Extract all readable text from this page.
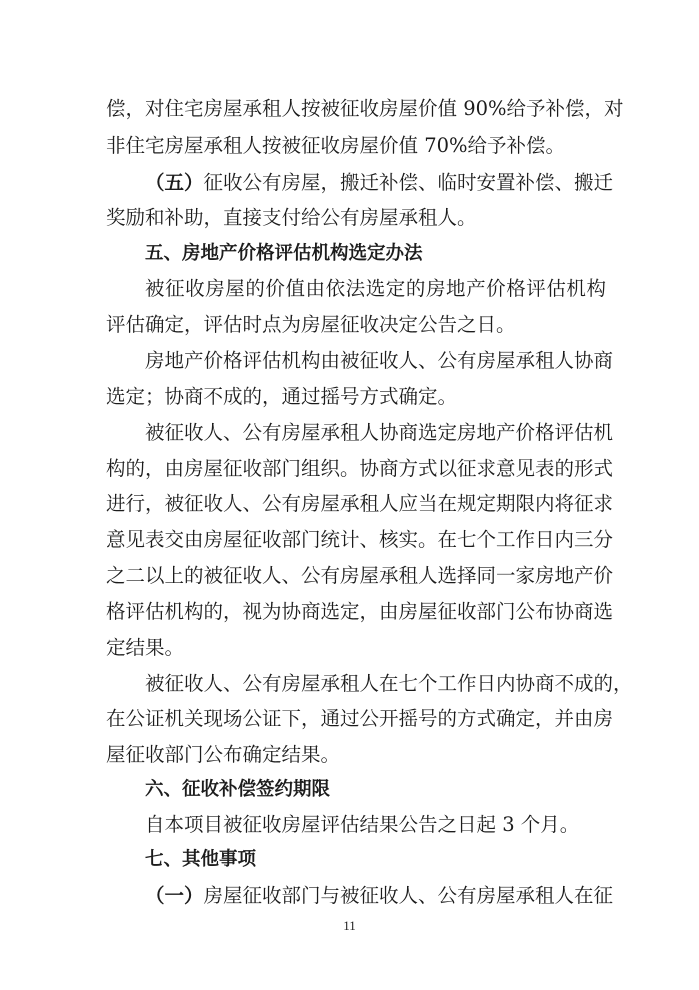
偿，对住宅房屋承租人按被征收房屋价值 90%给予补偿，对
非住宅房屋承租人按被征收房屋价值 70%给予补偿。
（五）征收公有房屋，搬迁补偿、临时安置补偿、搬迁
奖励和补助，直接支付给公有房屋承租人。
五、房地产价格评估机构选定办法
被征收房屋的价值由依法选定的房地产价格评估机构
评估确定，评估时点为房屋征收决定公告之日。
房地产价格评估机构由被征收人、公有房屋承租人协商
选定；协商不成的，通过摇号方式确定。
被征收人、公有房屋承租人协商选定房地产价格评估机
构的，由房屋征收部门组织。协商方式以征求意见表的形式
进行，被征收人、公有房屋承租人应当在规定期限内将征求
意见表交由房屋征收部门统计、核实。在七个工作日内三分
之二以上的被征收人、公有房屋承租人选择同一家房地产价
格评估机构的，视为协商选定，由房屋征收部门公布协商选
定结果。
被征收人、公有房屋承租人在七个工作日内协商不成的，
在公证机关现场公证下，通过公开摇号的方式确定，并由房
屋征收部门公布确定结果。
六、征收补偿签约期限
自本项目被征收房屋评估结果公告之日起 3 个月。
七、其他事项
（一）房屋征收部门与被征收人、公有房屋承租人在征
11
